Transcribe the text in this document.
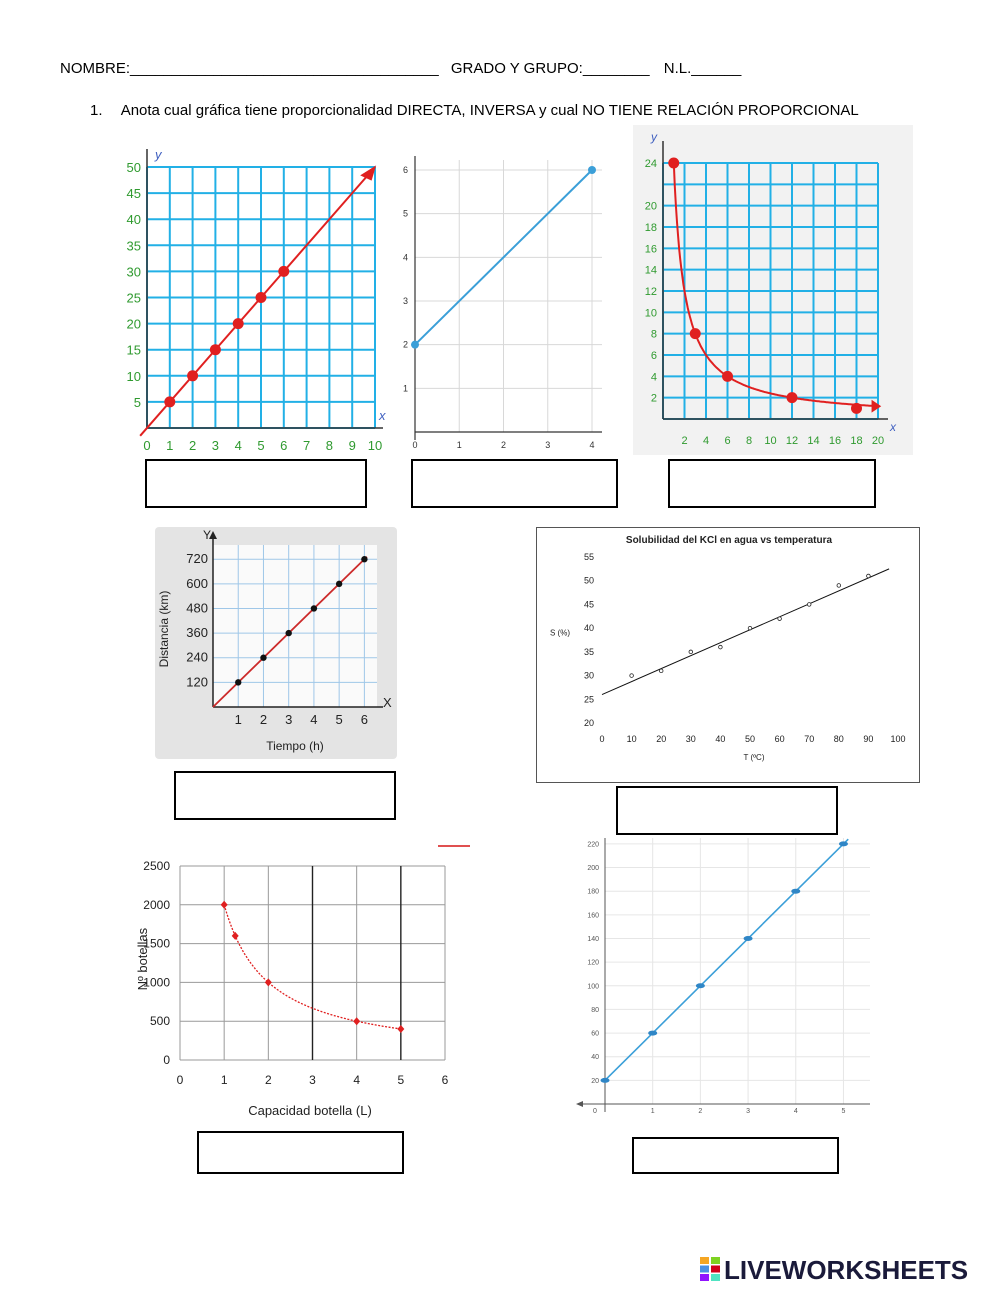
NOMBRE:_____________________________________ GRADO Y GRUPO:________ N.L.______
1. Anota cual gráfica tiene proporcionalidad DIRECTA, INVERSA y cual NO TIENE RELACIÓN PROPORCIONAL
0 1 2 3 4 5 6 7 8 9 10
5
10
15
20
25
30
35
40
45
50
y
x
0	1	2	3	4
1
2
3
4
5
6
2 4 6 8 10 12 14 16 18 20
2
4
6
8
10
12
14
16
18
20
24
y
x
Y
X
1 2 3 4 5 6
120
240
360
480
600
720
Tiempo (h)
Distancia (km)
Solubilidad del KCl en agua vs temperatura
0 10 20 30 40 50 60 70 80 90 100
20
25
30
35
40
45
50
55
T (ºC)
S (%)
0	1	2	3	4	5	6
0
500
1000
1500
2000
2500
Capacidad botella (L)
Nº botellas
0	1	2	3	4	5
20
40
60
80
100
120
140
160
180
200
220
LIVEWORKSHEETS
